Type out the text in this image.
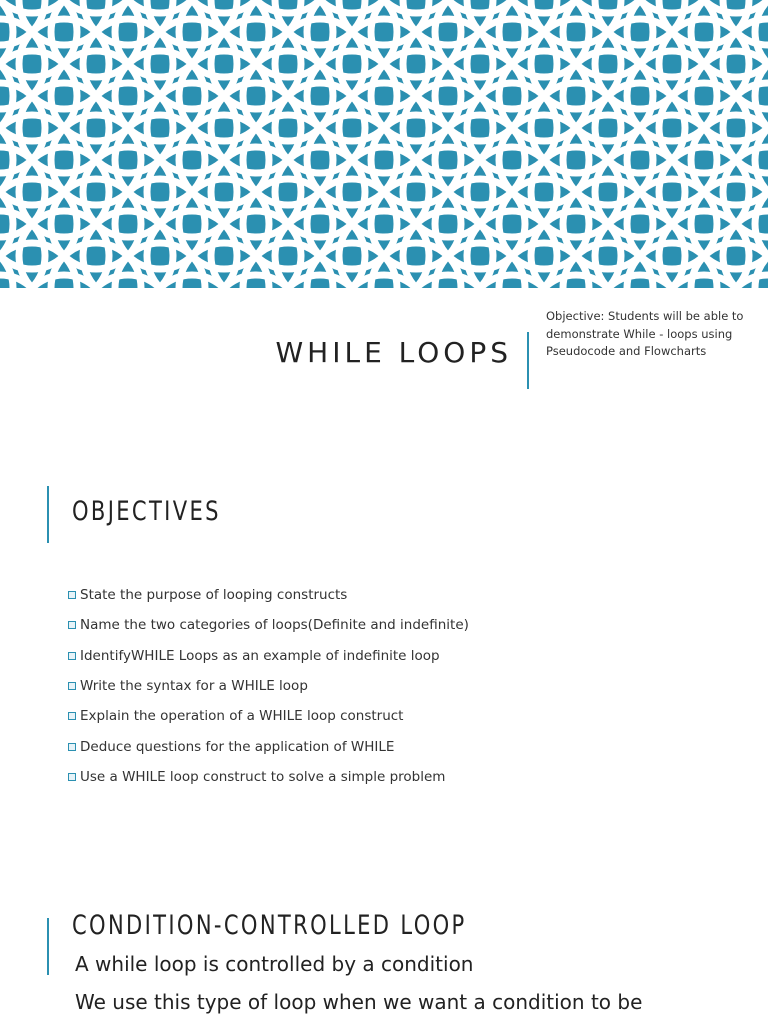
WHILE LOOPS
Objective: Students will be able to demonstrate While - loops using Pseudocode and Flowcharts
OBJECTIVES
State the purpose of looping constructs
Name the two categories of loops(Definite and indefinite)
IdentifyWHILE Loops as an example of indefinite loop
Write the syntax for a WHILE loop
Explain the operation of a WHILE loop construct
Deduce questions for the application of WHILE
Use a WHILE loop construct to solve a simple problem
CONDITION-CONTROLLED LOOP
A while loop is controlled by a condition
We use this type of loop when we want a condition to be
